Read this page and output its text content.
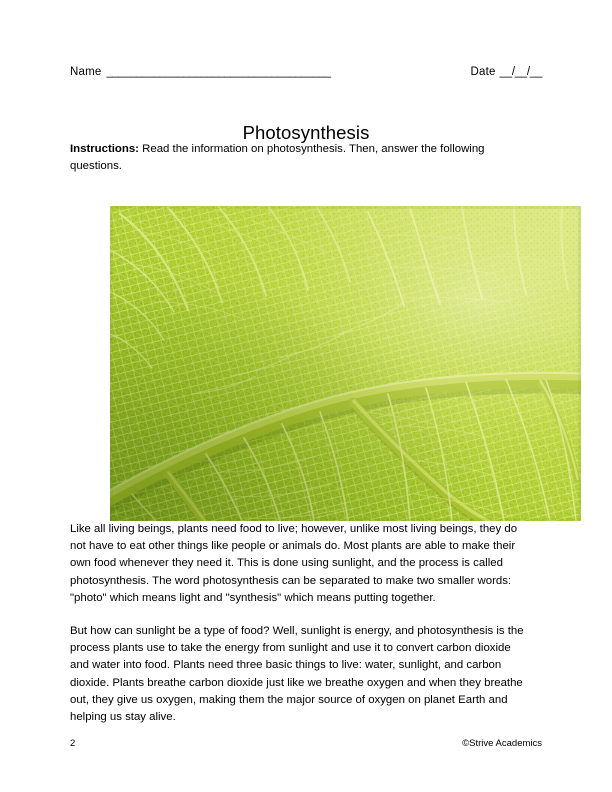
Name ______________________________________	Date __/__/__
Photosynthesis
Instructions: Read the information on photosynthesis. Then, answer the following questions.

Like all living beings, plants need food to live; however, unlike most living beings, they do not have to eat other things like people or animals do. Most plants are able to make their own food whenever they need it. This is done using sunlight, and the process is called photosynthesis. The word photosynthesis can be separated to make two smaller words: "photo" which means light and "synthesis" which means putting together.

But how can sunlight be a type of food? Well, sunlight is energy, and photosynthesis is the process plants use to take the energy from sunlight and use it to convert carbon dioxide and water into food. Plants need three basic things to live: water, sunlight, and carbon dioxide. Plants breathe carbon dioxide just like we breathe oxygen and when they breathe out, they give us oxygen, making them the major source of oxygen on planet Earth and helping us stay alive.

2	©Strive Academics
